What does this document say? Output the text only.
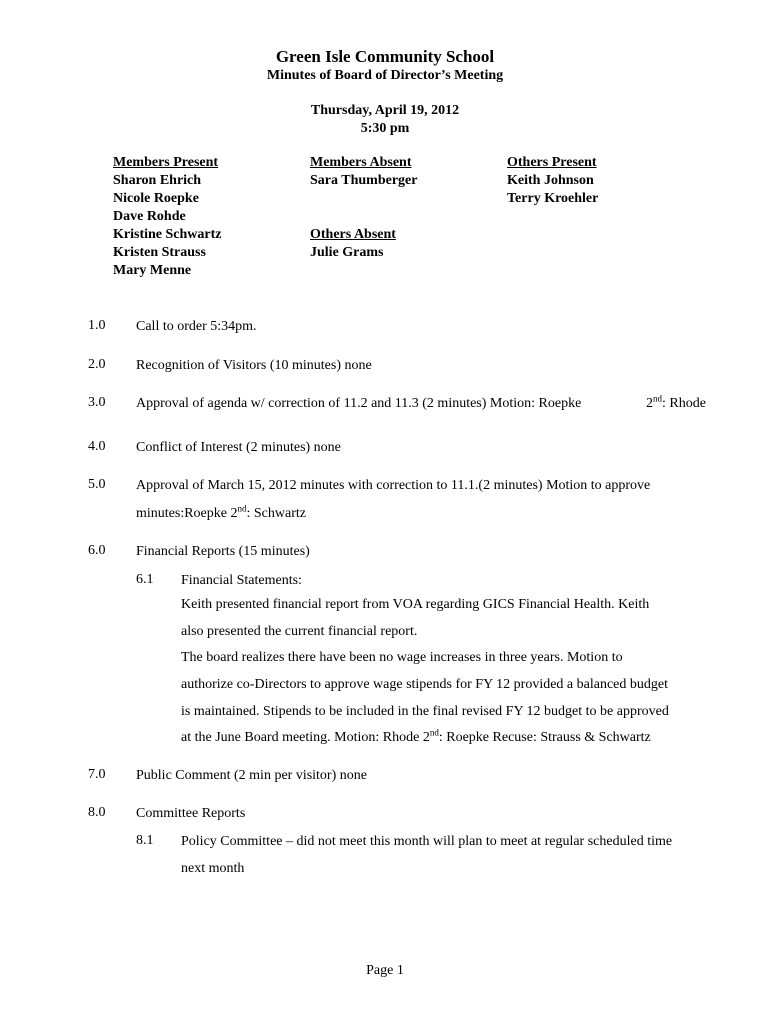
Green Isle Community School
Minutes of Board of Director’s Meeting
Thursday, April 19, 2012
5:30 pm
Members Present
Sharon Ehrich
Nicole Roepke
Dave Rohde
Kristine Schwartz
Kristen Strauss
Mary Menne
Members Absent
Sara Thumberger
Others Absent
Julie Grams
Others Present
Keith Johnson
Terry Kroehler
1.0 Call to order 5:34pm.
2.0 Recognition of Visitors (10 minutes) none
3.0 Approval of agenda w/ correction of 11.2 and 11.3 (2 minutes) Motion: Roepke	2nd: Rhode
4.0 Conflict of Interest (2 minutes) none
5.0 Approval of March 15, 2012 minutes with correction to 11.1.(2 minutes) Motion to approve
minutes:Roepke 2nd: Schwartz
6.0 Financial Reports (15 minutes)
6.1 Financial Statements:
Keith presented financial report from VOA regarding GICS Financial Health. Keith
also presented the current financial report.
The board realizes there have been no wage increases in three years. Motion to
authorize co-Directors to approve wage stipends for FY 12 provided a balanced budget
is maintained. Stipends to be included in the final revised FY 12 budget to be approved
at the June Board meeting. Motion: Rhode 2nd: Roepke Recuse: Strauss & Schwartz
7.0 Public Comment (2 min per visitor) none
8.0 Committee Reports
8.1 Policy Committee – did not meet this month will plan to meet at regular scheduled time
next month
Page 1
